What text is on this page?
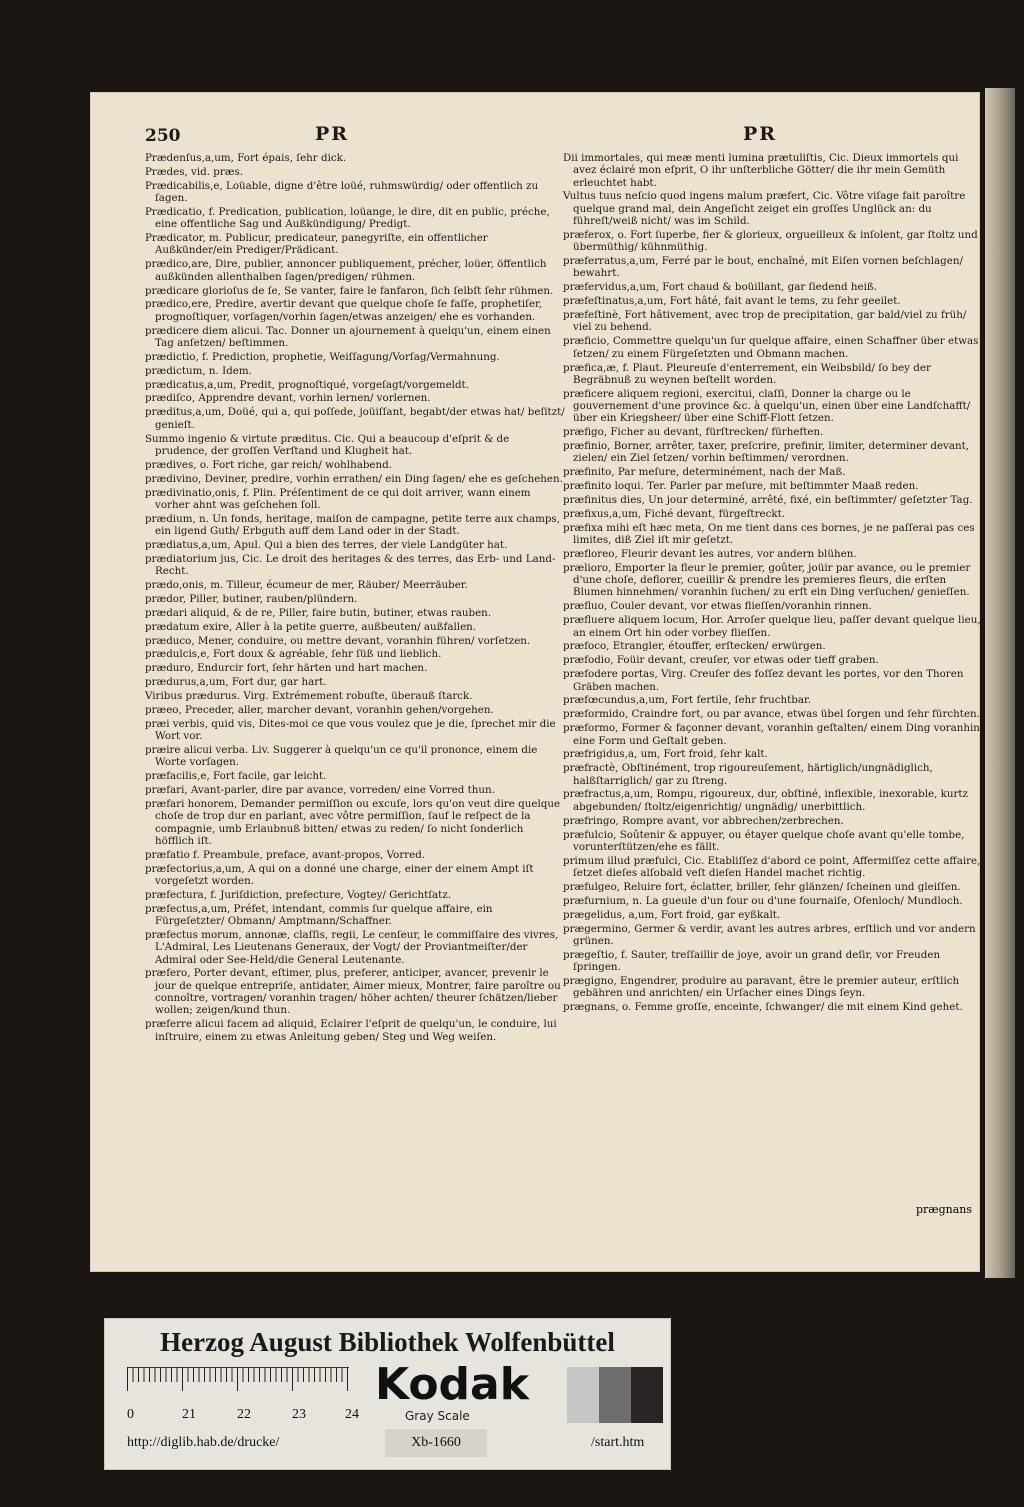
250	PR
Prædenſus,a,um, Fort épais, ſehr dick.
Prædes, vid. præs.
Prædicabilis,e, Loüable, digne d'être loüé, ruhmswürdig/ oder offentlich zu ſagen.
Prædicatio, f. Predication, publication, loüange, le dire, dit en public, préche, eine offentliche Sag und Außkündigung/ Predigt.
Prædicator, m. Publicur, predicateur, panegyriſte, ein offentlicher Außkünder/ein Prediger/Prädicant.
prædico,are, Dire, publier, annoncer publiquement, précher, loüer, öffentlich außkünden allenthalben ſagen/predigen/ rühmen.
prædicare glorioſus de ſe, Se vanter, faire le fanfaron, ſich ſelbſt ſehr rühmen.
prædico,ere, Predire, avertir devant que quelque choſe ſe faſſe, prophetiſer, prognoſtiquer, vorſagen/vorhin ſagen/etwas anzeigen/ ehe es vorhanden.
prædicere diem alicui. Tac. Donner un ajournement à quelqu'un, einem einen Tag anſetzen/ beſtimmen.
prædictio, f. Prediction, prophetie, Weiſſagung/Vorſag/Vermahnung.
prædictum, n. Idem.
prædicatus,a,um, Predit, prognoſtiqué, vorgeſagt/vorgemeldt.
prædiſco, Apprendre devant, vorhin lernen/ vorlernen.
præditus,a,um, Doüé, qui a, qui poſſede, joüiſſant, begabt/der etwas hat/ beſitzt/ genieſt.
Summo ingenio & virtute præditus. Cic. Qui a beaucoup d'eſprit & de prudence, der groſſen Verſtand und Klugheit hat.
prædives, o. Fort riche, gar reich/ wohlhabend.
prædivino, Deviner, predire, vorhin errathen/ ein Ding ſagen/ ehe es geſchehen.
prædivinatio,onis, f. Plin. Préſentiment de ce qui doit arriver, wann einem vorher ahnt was geſchehen ſoll.
prædium, n. Un fonds, heritage, maiſon de campagne, petite terre aux champs, ein ligend Guth/ Erbguth auff dem Land oder in der Stadt.
prædiatus,a,um, Apul. Qui a bien des terres, der viele Landgüter hat.
prædiatorium jus, Cic. Le droit des heritages & des terres, das Erb- und Land-Recht.
prædo,onis, m. Tilleur, écumeur de mer, Räuber/ Meerräuber.
prædor, Piller, butiner, rauben/plündern.
prædari aliquid, & de re, Piller, faire butin, butiner, etwas rauben.
prædatum exire, Aller à la petite guerre, außbeuten/ außfallen.
præduco, Mener, conduire, ou mettre devant, voranhin führen/ vorſetzen.
prædulcis,e, Fort doux & agréable, ſehr ſüß und lieblich.
præduro, Endurcir fort, ſehr härten und hart machen.
prædurus,a,um, Fort dur, gar hart.
Viribus prædurus. Virg. Extrémement robuſte, überauß ſtarck.
præeo, Preceder, aller, marcher devant, voranhin gehen/vorgehen.
præi verbis, quid vis, Dites-moi ce que vous voulez que je die, ſprechet mir die Wort vor.
præire alicui verba. Liv. Suggerer à quelqu'un ce qu'il prononce, einem die Worte vorſagen.
præfacilis,e, Fort facile, gar leicht.
præfari, Avant-parler, dire par avance, vorreden/ eine Vorred thun.
præfari honorem, Demander permiſſion ou excuſe, lors qu'on veut dire quelque choſe de trop dur en parlant, avec vôtre permiſſion, ſauf le reſpect de la compagnie, umb Erlaubnuß bitten/ etwas zu reden/ ſo nicht ſonderlich höfflich iſt.
præfatio f. Preambule, preface, avant-propos, Vorred.
præfectorius,a,um, A qui on a donné une charge, einer der einem Ampt iſt vorgeſetzt worden.
præfectura, f. Juriſdiction, prefecture, Vogtey/ Gerichtſatz.
præfectus,a,um, Préfet, intendant, commis ſur quelque affaire, ein Fürgeſetzter/ Obmann/ Amptmann/Schaffner.
præfectus morum, annonæ, claſſis, regii, Le cenſeur, le commiſſaire des vivres, L'Admiral, Les Lieutenans Generaux, der Vogt/ der Proviantmeiſter/der Admiral oder See-Held/die General Leutenante.
præfero, Porter devant, eſtimer, plus, preferer, anticiper, avancer, prevenir le jour de quelque entrepriſe, antidater, Aimer mieux, Montrer, faire paroître ou connoître, vortragen/ voranhin tragen/ höher achten/ theurer ſchätzen/lieber wollen; zeigen/kund thun.
præferre alicui facem ad aliquid, Eclairer l'eſprit de quelqu'un, le conduire, lui inſtruire, einem zu etwas Anleitung geben/ Steg und Weg weiſen.
PR
Dii immortales, qui meæ menti lumina prætuliſtis, Cic. Dieux immortels qui avez éclairé mon eſprit, O ihr unſterbliche Götter/ die ihr mein Gemüth erleuchtet habt.
Vultus tuus neſcio quod ingens malum præfert, Cic. Vôtre viſage fait paroître quelque grand mal, dein Angeſicht zeiget ein groſſes Unglück an: du führeſt/weiß nicht/ was im Schild.
præferox, o. Fort ſuperbe, fier & glorieux, orgueilleux & inſolent, gar ſtoltz und übermüthig/ kühnmüthig.
præferratus,a,um, Ferré par le bout, enchaîné, mit Eiſen vornen beſchlagen/ bewahrt.
præfervidus,a,um, Fort chaud & boüillant, gar ſiedend heiß.
præfeſtinatus,a,um, Fort hâté, fait avant le tems, zu ſehr geeilet.
præfeſtinè, Fort hâtivement, avec trop de precipitation, gar bald/viel zu früh/ viel zu behend.
præficio, Commettre quelqu'un ſur quelque affaire, einen Schaffner über etwas ſetzen/ zu einem Fürgeſetzten und Obmann machen.
præfica,æ, f. Plaut. Pleureuſe d'enterrement, ein Weibsbild/ ſo bey der Begräbnuß zu weynen beſtellt worden.
præficere aliquem regioni, exercitui, claſſi, Donner la charge ou le gouvernement d'une province &c. à quelqu'un, einen über eine Landſchafft/ über ein Kriegsheer/ über eine Schiff-Flott ſetzen.
præfigo, Ficher au devant, fürſtrecken/ fürheften.
præfinio, Borner, arrêter, taxer, preſcrire, prefinir, limiter, determiner devant, zielen/ ein Ziel ſetzen/ vorhin beſtimmen/ verordnen.
præfinito, Par meſure, determinément, nach der Maß.
præfinito loqui. Ter. Parler par meſure, mit beſtimmter Maaß reden.
præfinitus dies, Un jour determiné, arrêté, fixé, ein beſtimmter/ geſetzter Tag.
præfixus,a,um, Fiché devant, fürgeſtreckt.
præfixa mihi eſt hæc meta, On me tient dans ces bornes, je ne paſſerai pas ces limites, diß Ziel iſt mir geſetzt.
præfloreo, Fleurir devant les autres, vor andern blühen.
prælioro, Emporter la fleur le premier, goûter, joüir par avance, ou le premier d'une choſe, deflorer, cueillir & prendre les premieres fleurs, die erſten Blumen hinnehmen/ voranhin ſuchen/ zu erſt ein Ding verſuchen/ genieſſen.
præfluo, Couler devant, vor etwas flieſſen/voranhin rinnen.
præfluere aliquem locum, Hor. Arroſer quelque lieu, paſſer devant quelque lieu, an einem Ort hin oder vorbey flieſſen.
præfoco, Etrangler, étouffer, erſtecken/ erwürgen.
præfodio, Foüir devant, creuſer, vor etwas oder tieff graben.
præfodere portas, Virg. Creuſer des foſſez devant les portes, vor den Thoren Gräben machen.
præfœcundus,a,um, Fort fertile, ſehr fruchtbar.
præformido, Craindre fort, ou par avance, etwas übel ſorgen und ſehr fürchten.
præformo, Former & façonner devant, voranhin geſtalten/ einem Ding voranhin eine Form und Geſtalt geben.
præfrigidus,a, um, Fort froid, ſehr kalt.
præfractè, Obſtinément, trop rigoureuſement, härtiglich/ungnädiglich, halßſtarriglich/ gar zu ſtreng.
præfractus,a,um, Rompu, rigoureux, dur, obſtiné, inflexible, inexorable, kurtz abgebunden/ ſtoltz/eigenrichtig/ ungnädig/ unerbittlich.
præfringo, Rompre avant, vor abbrechen/zerbrechen.
præfulcio, Soûtenir & appuyer, ou étayer quelque choſe avant qu'elle tombe, vorunterſtützen/ehe es fällt.
primum illud præfulci, Cic. Etabliſſez d'abord ce point, Affermiſſez cette affaire, ſetzet dieſes alſobald veſt dieſen Handel machet richtig.
præfulgeo, Reluire fort, éclatter, briller, ſehr glänzen/ ſcheinen und gleiſſen.
præfurnium, n. La gueule d'un four ou d'une fournaiſe, Ofenloch/ Mundloch.
prægelidus, a,um, Fort froid, gar eyßkalt.
prægermino, Germer & verdir, avant les autres arbres, erſtlich und vor andern grünen.
prægeſtio, f. Sauter, treſſaillir de joye, avoir un grand deſir, vor Freuden ſpringen.
prægigno, Engendrer, produire au paravant, être le premier auteur, erſtlich gebähren und anrichten/ ein Urſacher eines Dings ſeyn.
prægnans, o. Femme groſſe, enceinte, ſchwanger/ die mit einem Kind gehet.
prægnans
Herzog August Bibliothek Wolfenbüttel
0	21	22	23	24
Kodak
Gray Scale
http://diglib.hab.de/drucke/	Xb-1660	/start.htm
